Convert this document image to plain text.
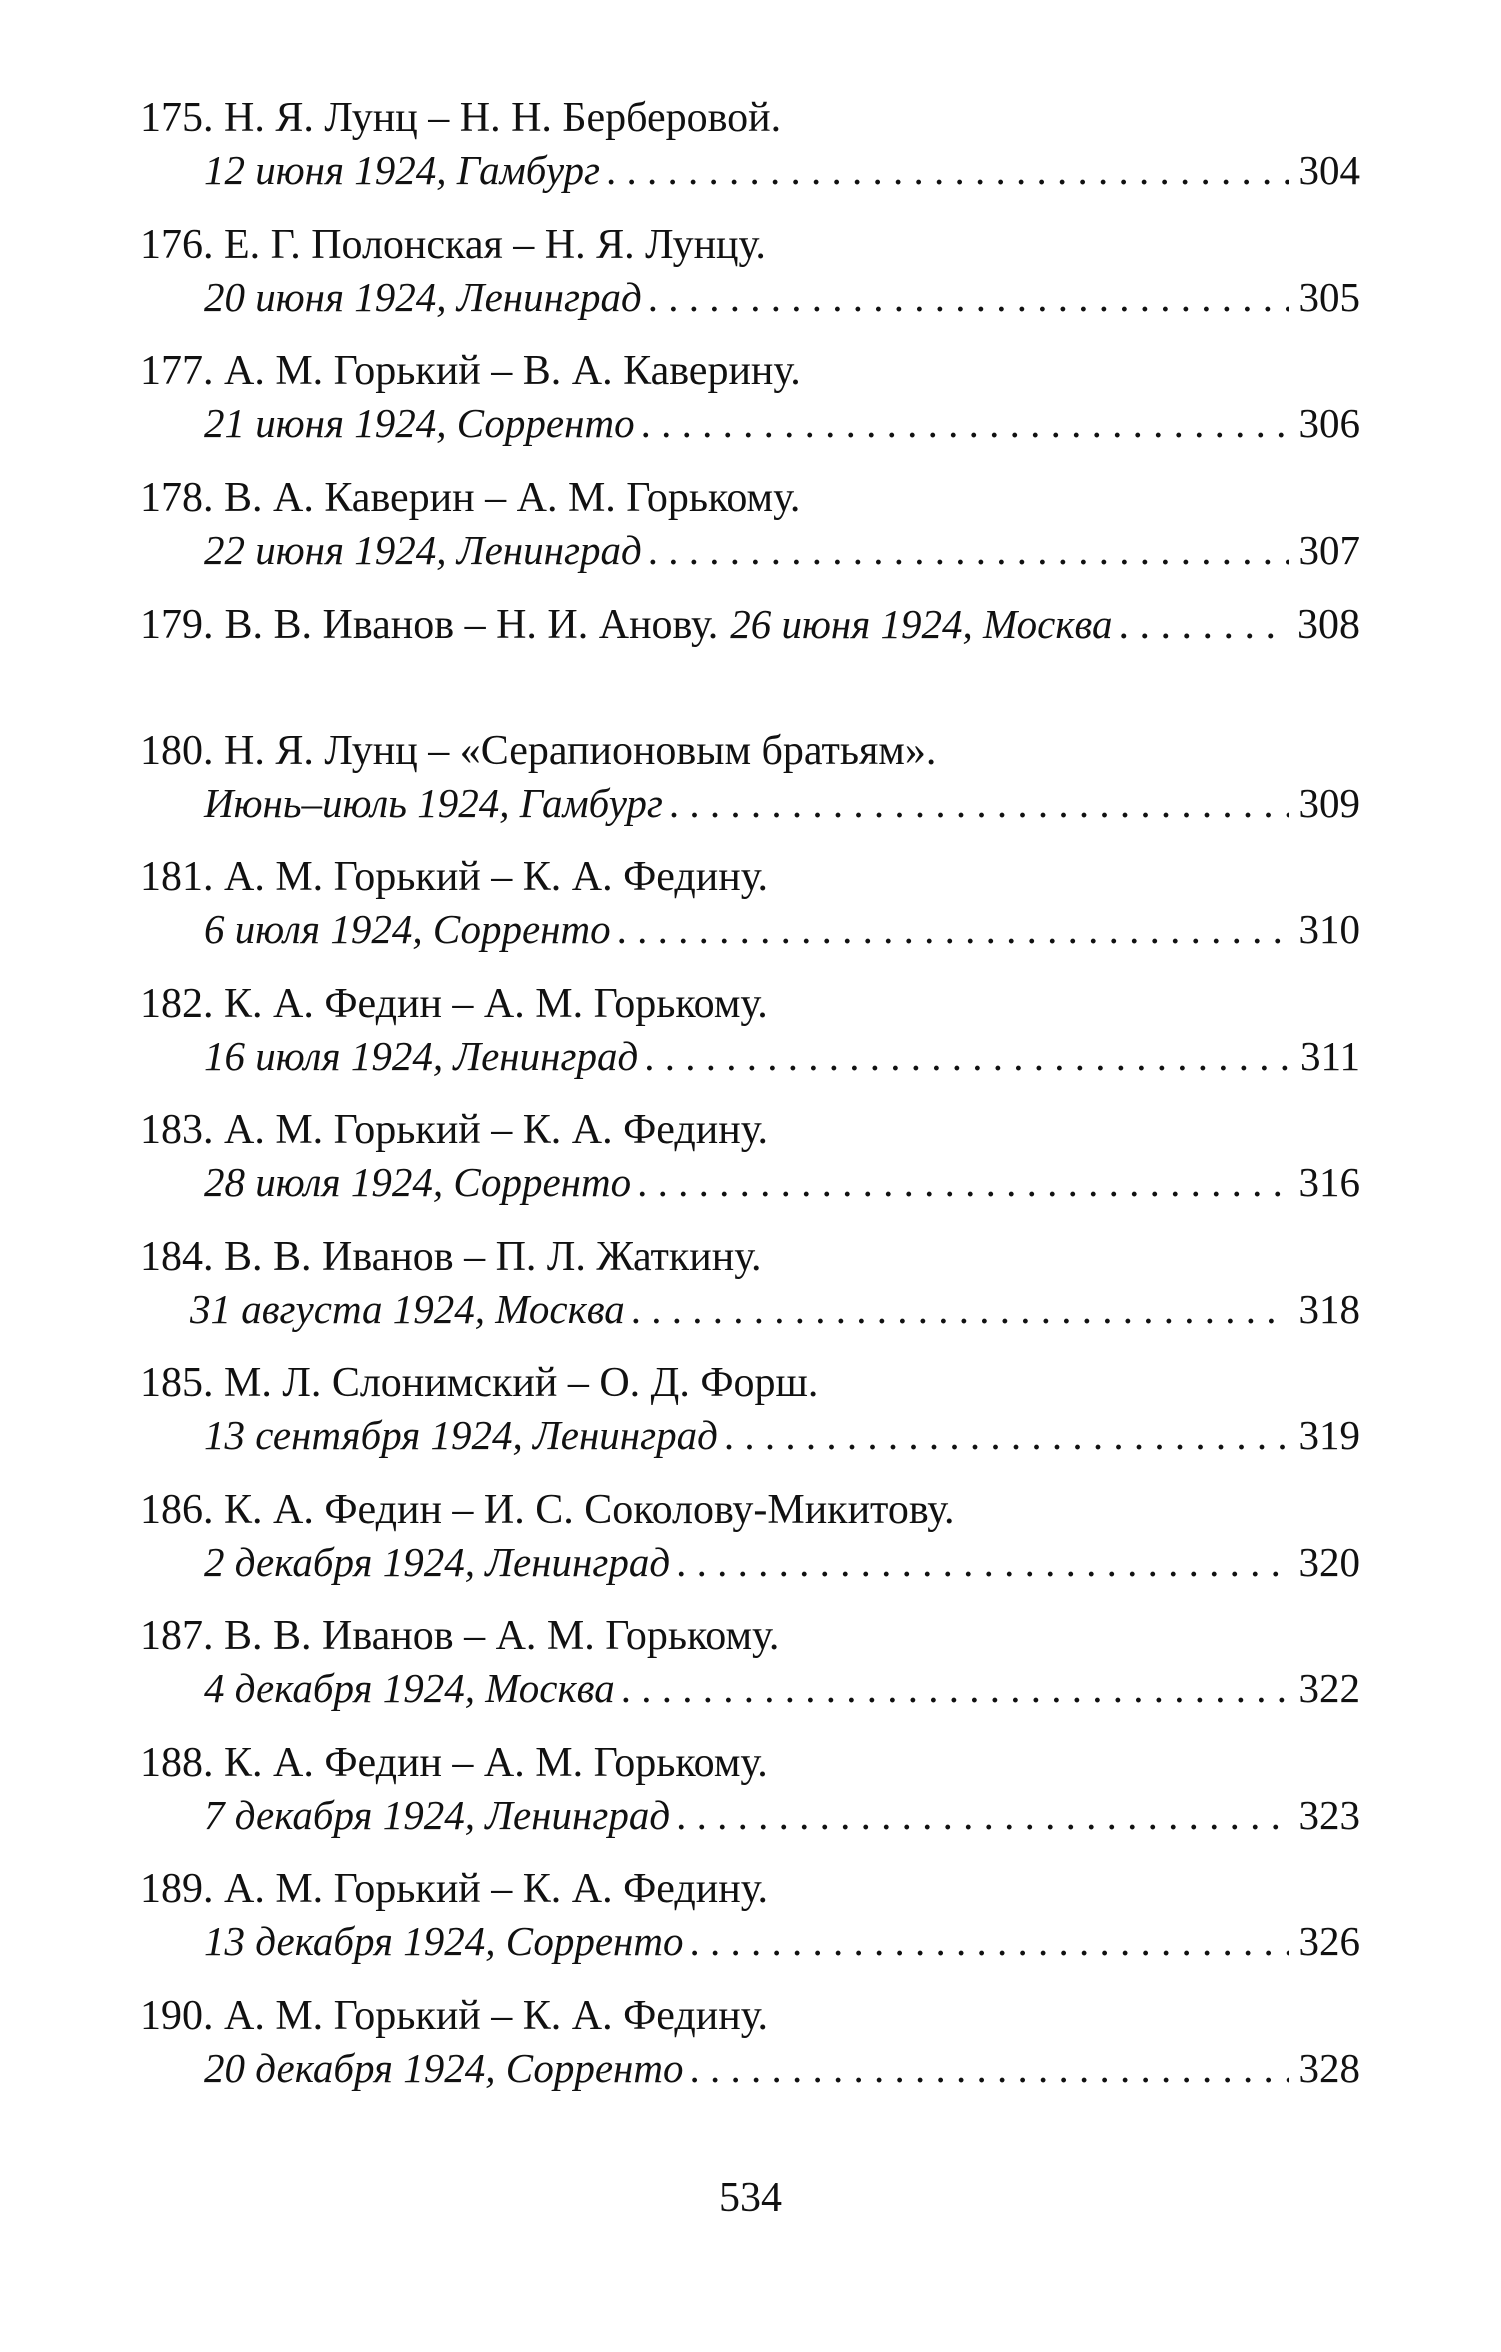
175. Н. Я. Лунц – Н. Н. Берберовой.
12 июня 1924, Гамбург . . .	304
176. Е. Г. Полонская – Н. Я. Лунцу.
20 июня 1924, Ленинград . . .	305
177. А. М. Горький – В. А. Каверину.
21 июня 1924, Сорренто . . .	306
178. В. А. Каверин – А. М. Горькому.
22 июня 1924, Ленинград . . .	307
179. В. В. Иванов – Н. И. Анову. 26 июня 1924, Москва . . .	308
180. Н. Я. Лунц – «Серапионовым братьям».
Июнь–июль 1924, Гамбург . . .	309
181. А. М. Горький – К. А. Федину.
6 июля 1924, Сорренто . . .	310
182. К. А. Федин – А. М. Горькому.
16 июля 1924, Ленинград . . .	311
183. А. М. Горький – К. А. Федину.
28 июля 1924, Сорренто . . .	316
184. В. В. Иванов – П. Л. Жаткину.
31 августа 1924, Москва . . .	318
185. М. Л. Слонимский – О. Д. Форш.
13 сентября 1924, Ленинград . . .	319
186. К. А. Федин – И. С. Соколову-Микитову.
2 декабря 1924, Ленинград . . .	320
187. В. В. Иванов – А. М. Горькому.
4 декабря 1924, Москва . . .	322
188. К. А. Федин – А. М. Горькому.
7 декабря 1924, Ленинград . . .	323
189. А. М. Горький – К. А. Федину.
13 декабря 1924, Сорренто . . .	326
190. А. М. Горький – К. А. Федину.
20 декабря 1924, Сорренто . . .	328
534
